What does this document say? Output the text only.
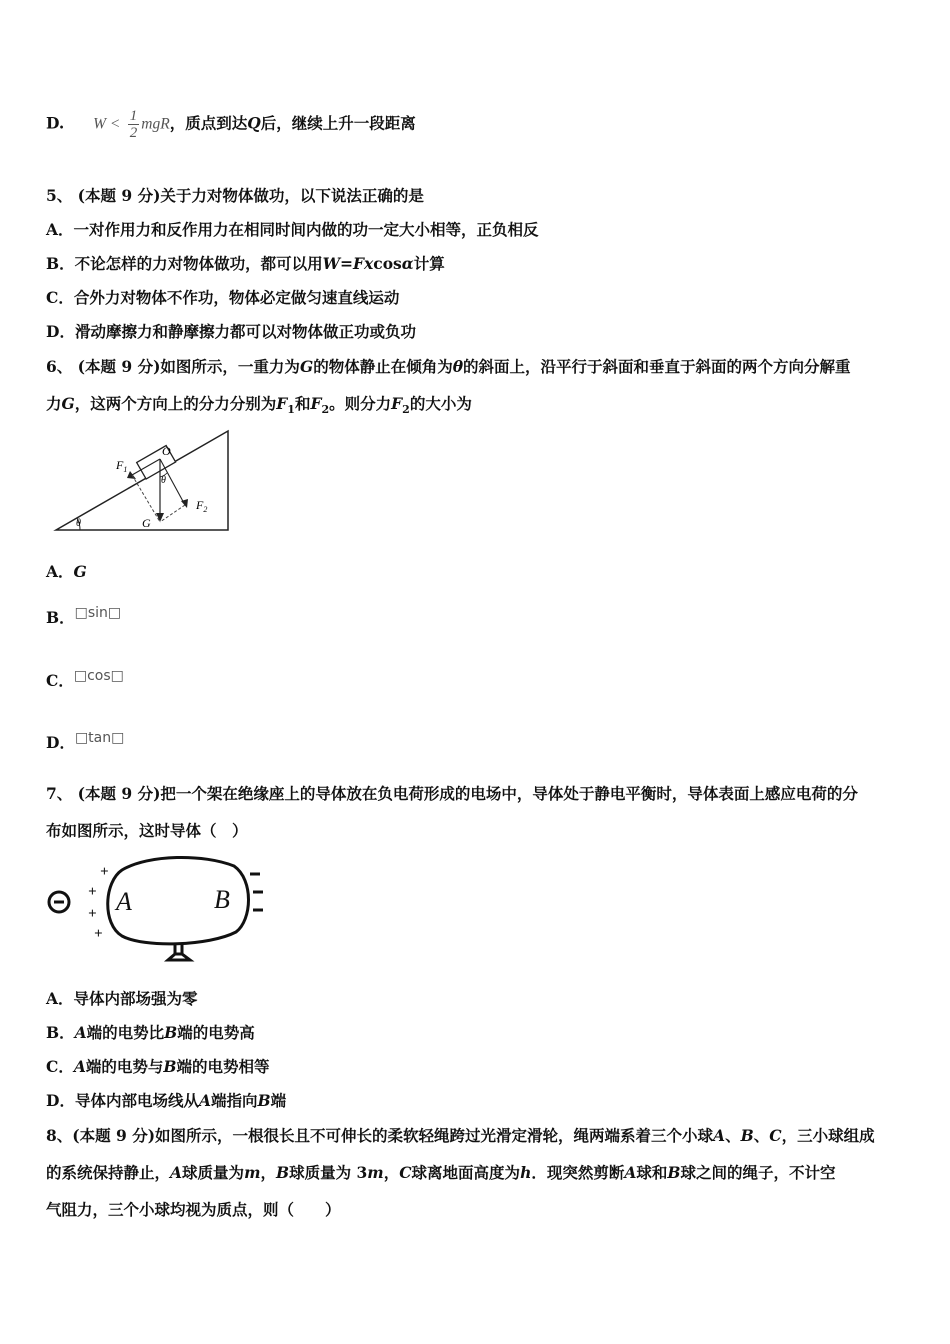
D. $W < \frac{1}{2}$ mgR，质点到达Q后，继续上升一段距离
5、 (本题 9 分)关于力对物体做功，以下说法正确的是
A．一对作用力和反作用力在相同时间内做的功一定大小相等，正负相反
B．不论怎样的力对物体做功，都可以用W=Fxcosα计算
C．合外力对物体不作功，物体必定做匀速直线运动
D．滑动摩擦力和静摩擦力都可以对物体做正功或负功
6、 (本题 9 分)如图所示，一重力为G的物体静止在倾角为θ的斜面上，沿平行于斜面和垂直于斜面的两个方向分解重
力G，这两个方向上的分力分别为$F_1$和$F_2$。则分力$F_2$的大小为
$F_1$
O
θ
$F_2$
G
θ
A．G
B．□sin□
C．□cos□
D．□tan□
7、 (本题 9 分)把一个架在绝缘座上的导体放在负电荷形成的电场中，导体处于静电平衡时，导体表面上感应电荷的分
布如图所示，这时导体（　）
+
+
+
+
A	B
A．导体内部场强为零
B．A端的电势比B端的电势高
C．A端的电势与B端的电势相等
D．导体内部电场线从A端指向B端
8、(本题 9 分)如图所示，一根很长且不可伸长的柔软轻绳跨过光滑定滑轮，绳两端系着三个小球A、B、C，三小球组成
的系统保持静止，A球质量为m，B球质量为 3m，C球离地面高度为h．现突然剪断A球和B球之间的绳子，不计空
气阻力，三个小球均视为质点，则（　　）
